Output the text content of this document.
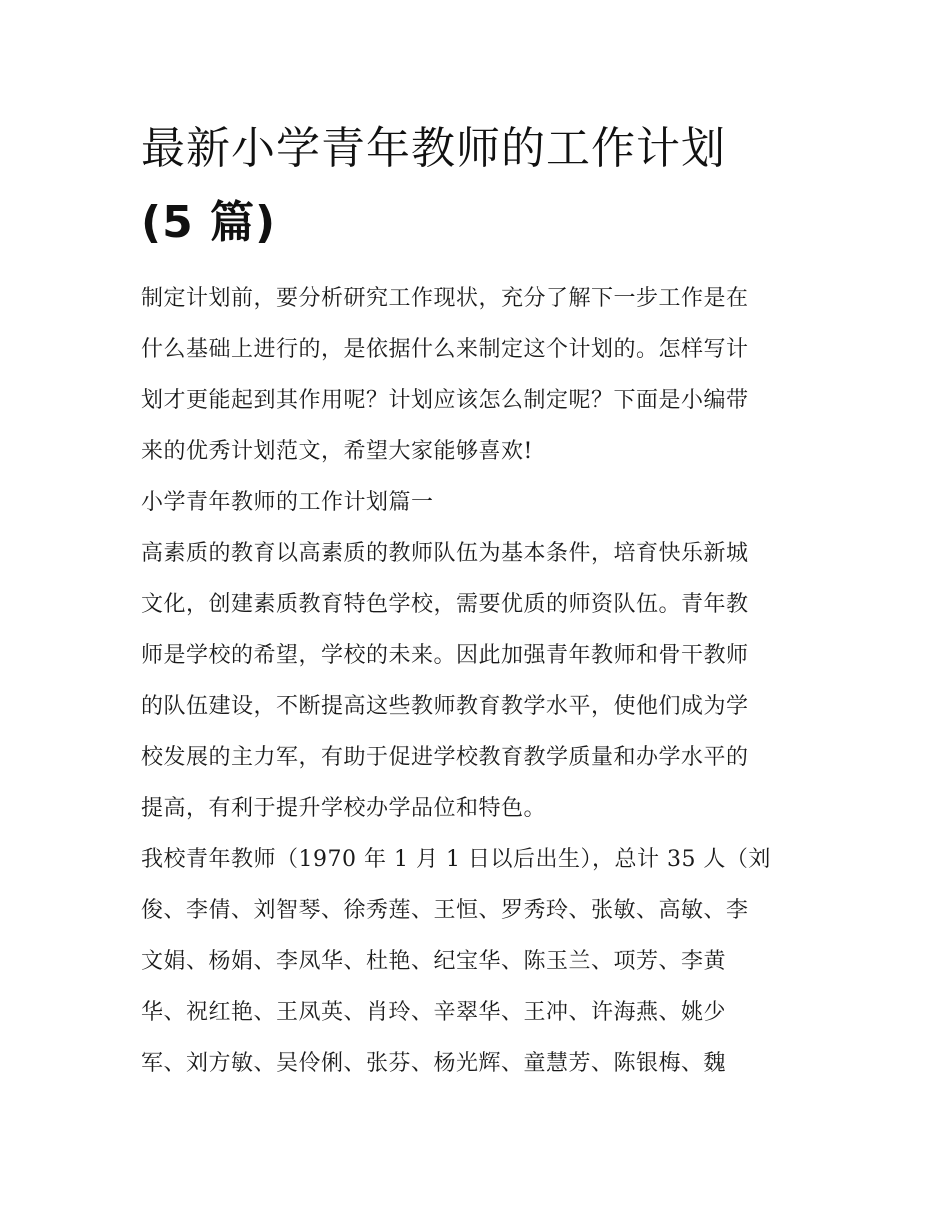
最新小学青年教师的工作计划
(5 篇)

制定计划前，要分析研究工作现状，充分了解下一步工作是在
什么基础上进行的，是依据什么来制定这个计划的。怎样写计
划才更能起到其作用呢？计划应该怎么制定呢？下面是小编带
来的优秀计划范文，希望大家能够喜欢!

小学青年教师的工作计划篇一

高素质的教育以高素质的教师队伍为基本条件，培育快乐新城
文化，创建素质教育特色学校，需要优质的师资队伍。青年教
师是学校的希望，学校的未来。因此加强青年教师和骨干教师
的队伍建设，不断提高这些教师教育教学水平，使他们成为学
校发展的主力军，有助于促进学校教育教学质量和办学水平的
提高，有利于提升学校办学品位和特色。

我校青年教师（1970 年 1 月 1 日以后出生），总计 35 人（刘
俊、李倩、刘智琴、徐秀莲、王恒、罗秀玲、张敏、高敏、李
文娟、杨娟、李凤华、杜艳、纪宝华、陈玉兰、项芳、李黄
华、祝红艳、王凤英、肖玲、辛翠华、王冲、许海燕、姚少
军、刘方敏、吴伶俐、张芬、杨光辉、童慧芳、陈银梅、魏
